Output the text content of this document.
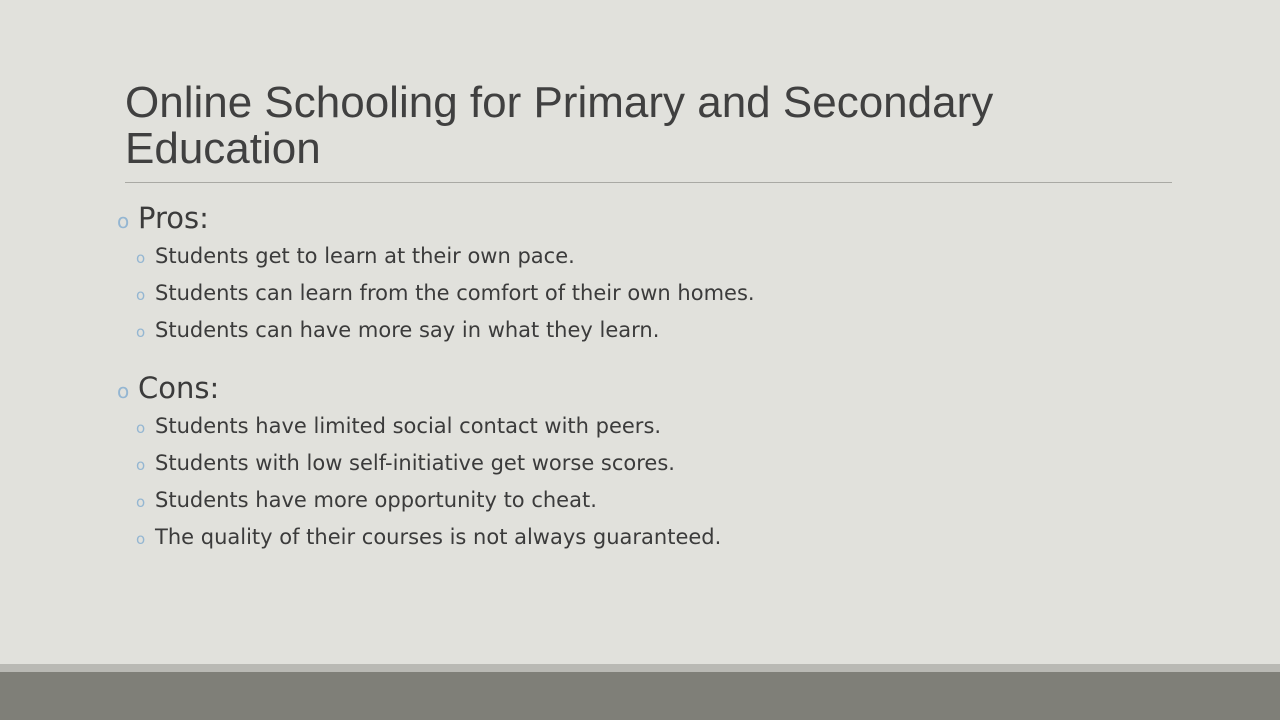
Online Schooling for Primary and Secondary Education
o Pros:
o Students get to learn at their own pace.
o Students can learn from the comfort of their own homes.
o Students can have more say in what they learn.
o Cons:
o Students have limited social contact with peers.
o Students with low self-initiative get worse scores.
o Students have more opportunity to cheat.
o The quality of their courses is not always guaranteed.
